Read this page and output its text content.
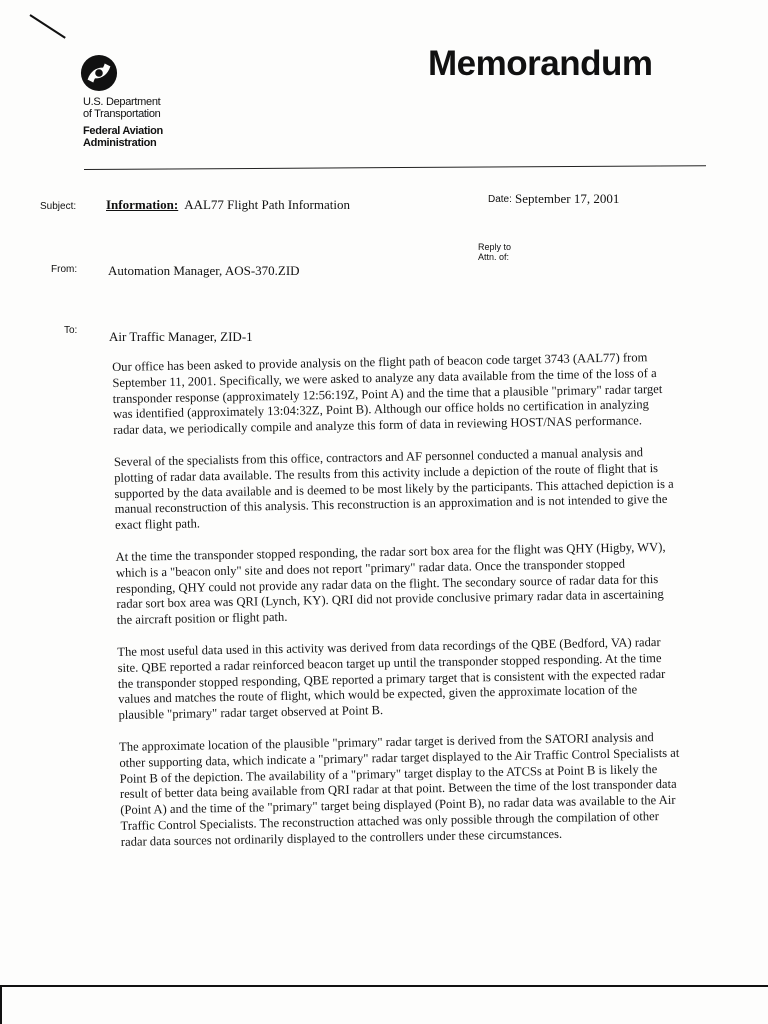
U.S. Department
of Transportation
Federal Aviation
Administration
Memorandum
Subject: Information: AAL77 Flight Path Information	Date: September 17, 2001
Reply to
Attn. of:
From: Automation Manager, AOS-370.ZID
To: Air Traffic Manager, ZID-1

Our office has been asked to provide analysis on the flight path of beacon code target 3743 (AAL77) from September 11, 2001. Specifically, we were asked to analyze any data available from the time of the loss of a transponder response (approximately 12:56:19Z, Point A) and the time that a plausible "primary" radar target was identified (approximately 13:04:32Z, Point B). Although our office holds no certification in analyzing radar data, we periodically compile and analyze this form of data in reviewing HOST/NAS performance.

Several of the specialists from this office, contractors and AF personnel conducted a manual analysis and plotting of radar data available. The results from this activity include a depiction of the route of flight that is supported by the data available and is deemed to be most likely by the participants. This attached depiction is a manual reconstruction of this analysis. This reconstruction is an approximation and is not intended to give the exact flight path.

At the time the transponder stopped responding, the radar sort box area for the flight was QHY (Higby, WV), which is a "beacon only" site and does not report "primary" radar data. Once the transponder stopped responding, QHY could not provide any radar data on the flight. The secondary source of radar data for this radar sort box area was QRI (Lynch, KY). QRI did not provide conclusive primary radar data in ascertaining the aircraft position or flight path.

The most useful data used in this activity was derived from data recordings of the QBE (Bedford, VA) radar site. QBE reported a radar reinforced beacon target up until the transponder stopped responding. At the time the transponder stopped responding, QBE reported a primary target that is consistent with the expected radar values and matches the route of flight, which would be expected, given the approximate location of the plausible "primary" radar target observed at Point B.

The approximate location of the plausible "primary" radar target is derived from the SATORI analysis and other supporting data, which indicate a "primary" radar target displayed to the Air Traffic Control Specialists at Point B of the depiction. The availability of a "primary" target display to the ATCSs at Point B is likely the result of better data being available from QRI radar at that point. Between the time of the lost transponder data (Point A) and the time of the "primary" target being displayed (Point B), no radar data was available to the Air Traffic Control Specialists. The reconstruction attached was only possible through the compilation of other radar data sources not ordinarily displayed to the controllers under these circumstances.
